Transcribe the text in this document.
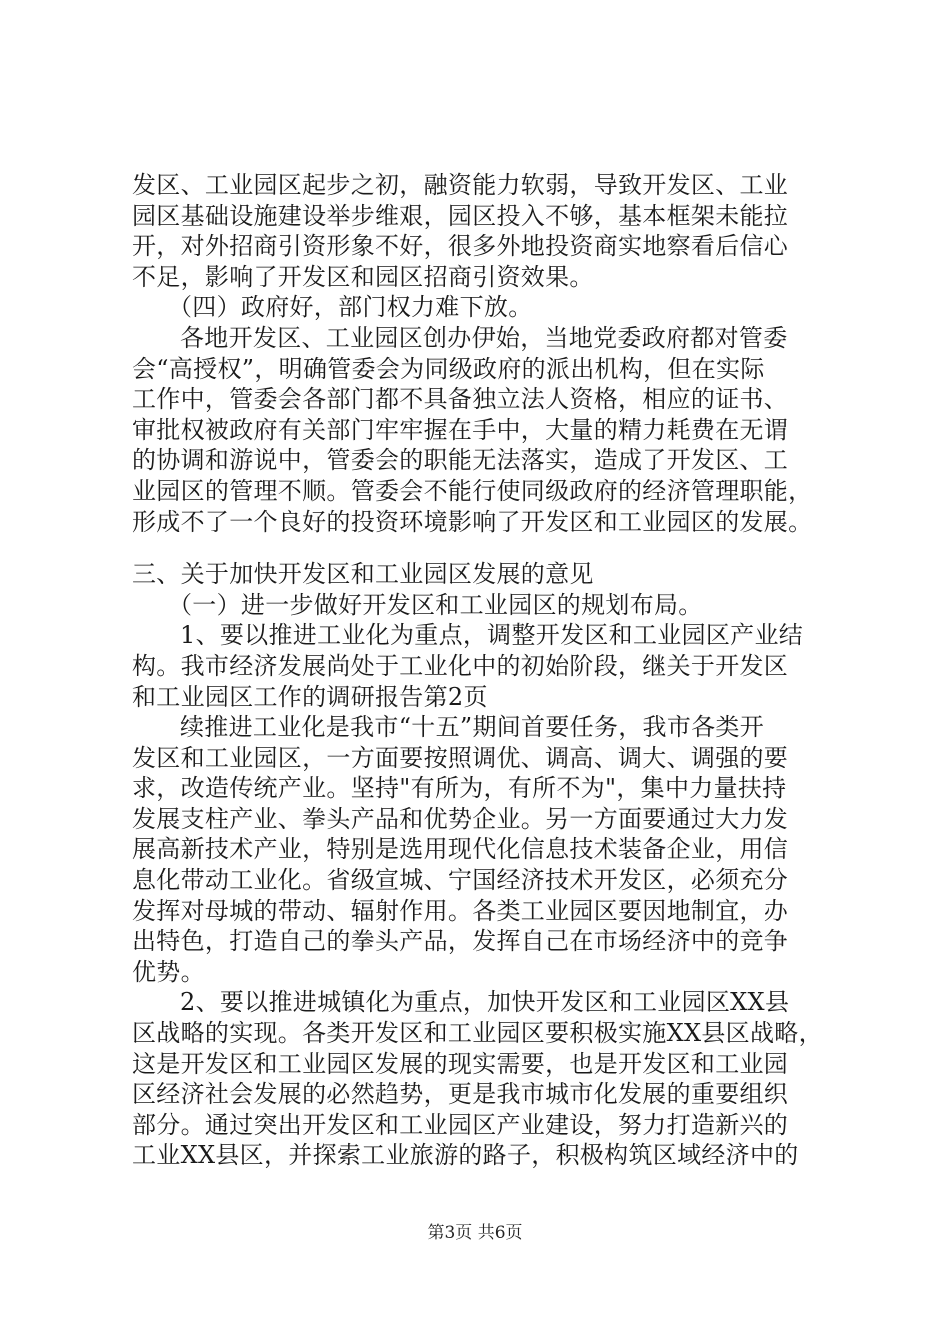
发区、工业园区起步之初，融资能力软弱，导致开发区、工业
园区基础设施建设举步维艰，园区投入不够，基本框架未能拉
开，对外招商引资形象不好，很多外地投资商实地察看后信心
不足，影响了开发区和园区招商引资效果。
（四）政府好，部门权力难下放。
各地开发区、工业园区创办伊始，当地党委政府都对管委
会“高授权”，明确管委会为同级政府的派出机构，但在实际
工作中，管委会各部门都不具备独立法人资格，相应的证书、
审批权被政府有关部门牢牢握在手中，大量的精力耗费在无谓
的协调和游说中，管委会的职能无法落实，造成了开发区、工
业园区的管理不顺。管委会不能行使同级政府的经济管理职能，
形成不了一个良好的投资环境影响了开发区和工业园区的发展。
三、关于加快开发区和工业园区发展的意见
（一）进一步做好开发区和工业园区的规划布局。
1、要以推进工业化为重点，调整开发区和工业园区产业结
构。我市经济发展尚处于工业化中的初始阶段，继关于开发区
和工业园区工作的调研报告第2页
续推进工业化是我市“十五”期间首要任务，我市各类开
发区和工业园区，一方面要按照调优、调高、调大、调强的要
求，改造传统产业。坚持"有所为，有所不为"，集中力量扶持
发展支柱产业、拳头产品和优势企业。另一方面要通过大力发
展高新技术产业，特别是选用现代化信息技术装备企业，用信
息化带动工业化。省级宣城、宁国经济技术开发区，必须充分
发挥对母城的带动、辐射作用。各类工业园区要因地制宜，办
出特色，打造自己的拳头产品，发挥自己在市场经济中的竞争
优势。
2、要以推进城镇化为重点，加快开发区和工业园区XX县
区战略的实现。各类开发区和工业园区要积极实施XX县区战略，
这是开发区和工业园区发展的现实需要，也是开发区和工业园
区经济社会发展的必然趋势，更是我市城市化发展的重要组织
部分。通过突出开发区和工业园区产业建设，努力打造新兴的
工业XX县区，并探索工业旅游的路子，积极构筑区域经济中的
第3页 共6页
